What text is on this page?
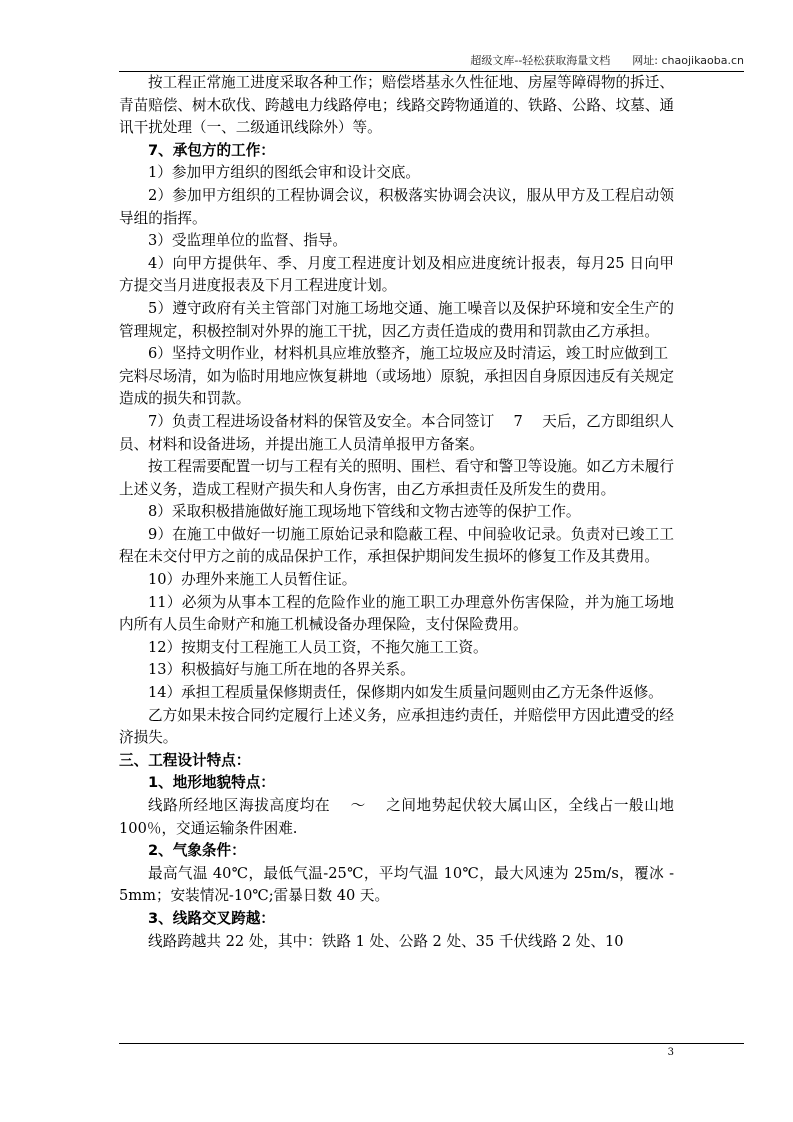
超级文库--轻松获取海量文档 网址: chaojikaoba.cn

按工程正常施工进度采取各种工作；赔偿塔基永久性征地、房屋等障碍物的拆迁、青苗赔偿、树木砍伐、跨越电力线路停电；线路交跨物通道的、铁路、公路、坟墓、通讯干扰处理（一、二级通讯线除外）等。

7、承包方的工作：

1）参加甲方组织的图纸会审和设计交底。

2）参加甲方组织的工程协调会议，积极落实协调会决议，服从甲方及工程启动领导组的指挥。

3）受监理单位的监督、指导。

4）向甲方提供年、季、月度工程进度计划及相应进度统计报表，每月25 日向甲方提交当月进度报表及下月工程进度计划。

5）遵守政府有关主管部门对施工场地交通、施工噪音以及保护环境和安全生产的管理规定，积极控制对外界的施工干扰，因乙方责任造成的费用和罚款由乙方承担。

6）坚持文明作业，材料机具应堆放整齐，施工垃圾应及时清运，竣工时应做到工

完料尽场清，如为临时用地应恢复耕地（或场地）原貌，承担因自身原因违反有关规定造成的损失和罚款。

7）负责工程进场设备材料的保管及安全。本合同签订　 7　 天后，乙方即组织人员、材料和设备进场，并提出施工人员清单报甲方备案。

按工程需要配置一切与工程有关的照明、围栏、看守和警卫等设施。如乙方未履行上述义务，造成工程财产损失和人身伤害，由乙方承担责任及所发生的费用。

8）采取积极措施做好施工现场地下管线和文物古迹等的保护工作。

9）在施工中做好一切施工原始记录和隐蔽工程、中间验收记录。负责对已竣工工程在未交付甲方之前的成品保护工作，承担保护期间发生损坏的修复工作及其费用。

10）办理外来施工人员暂住证。

11）必须为从事本工程的危险作业的施工职工办理意外伤害保险，并为施工场地内所有人员生命财产和施工机械设备办理保险，支付保险费用。

12）按期支付工程施工人员工资，不拖欠施工工资。

13）积极搞好与施工所在地的各界关系。

14）承担工程质量保修期责任，保修期内如发生质量问题则由乙方无条件返修。

乙方如果未按合同约定履行上述义务，应承担违约责任，并赔偿甲方因此遭受的经济损失。

三、工程设计特点：
1、地形地貌特点：

线路所经地区海拔高度均在　 ～　 之间地势起伏较大属山区，全线占一般山地 100％，交通运输条件困难.

2、气象条件：

最高气温 40℃，最低气温-25℃，平均气温 10℃，最大风速为 25m/s，覆冰 - 5mm；安装情况-10℃;雷暴日数 40 天。

3、线路交叉跨越：

线路跨越共 22 处，其中：铁路 1 处、公路 2 处、35 千伏线路 2 处、10

3
